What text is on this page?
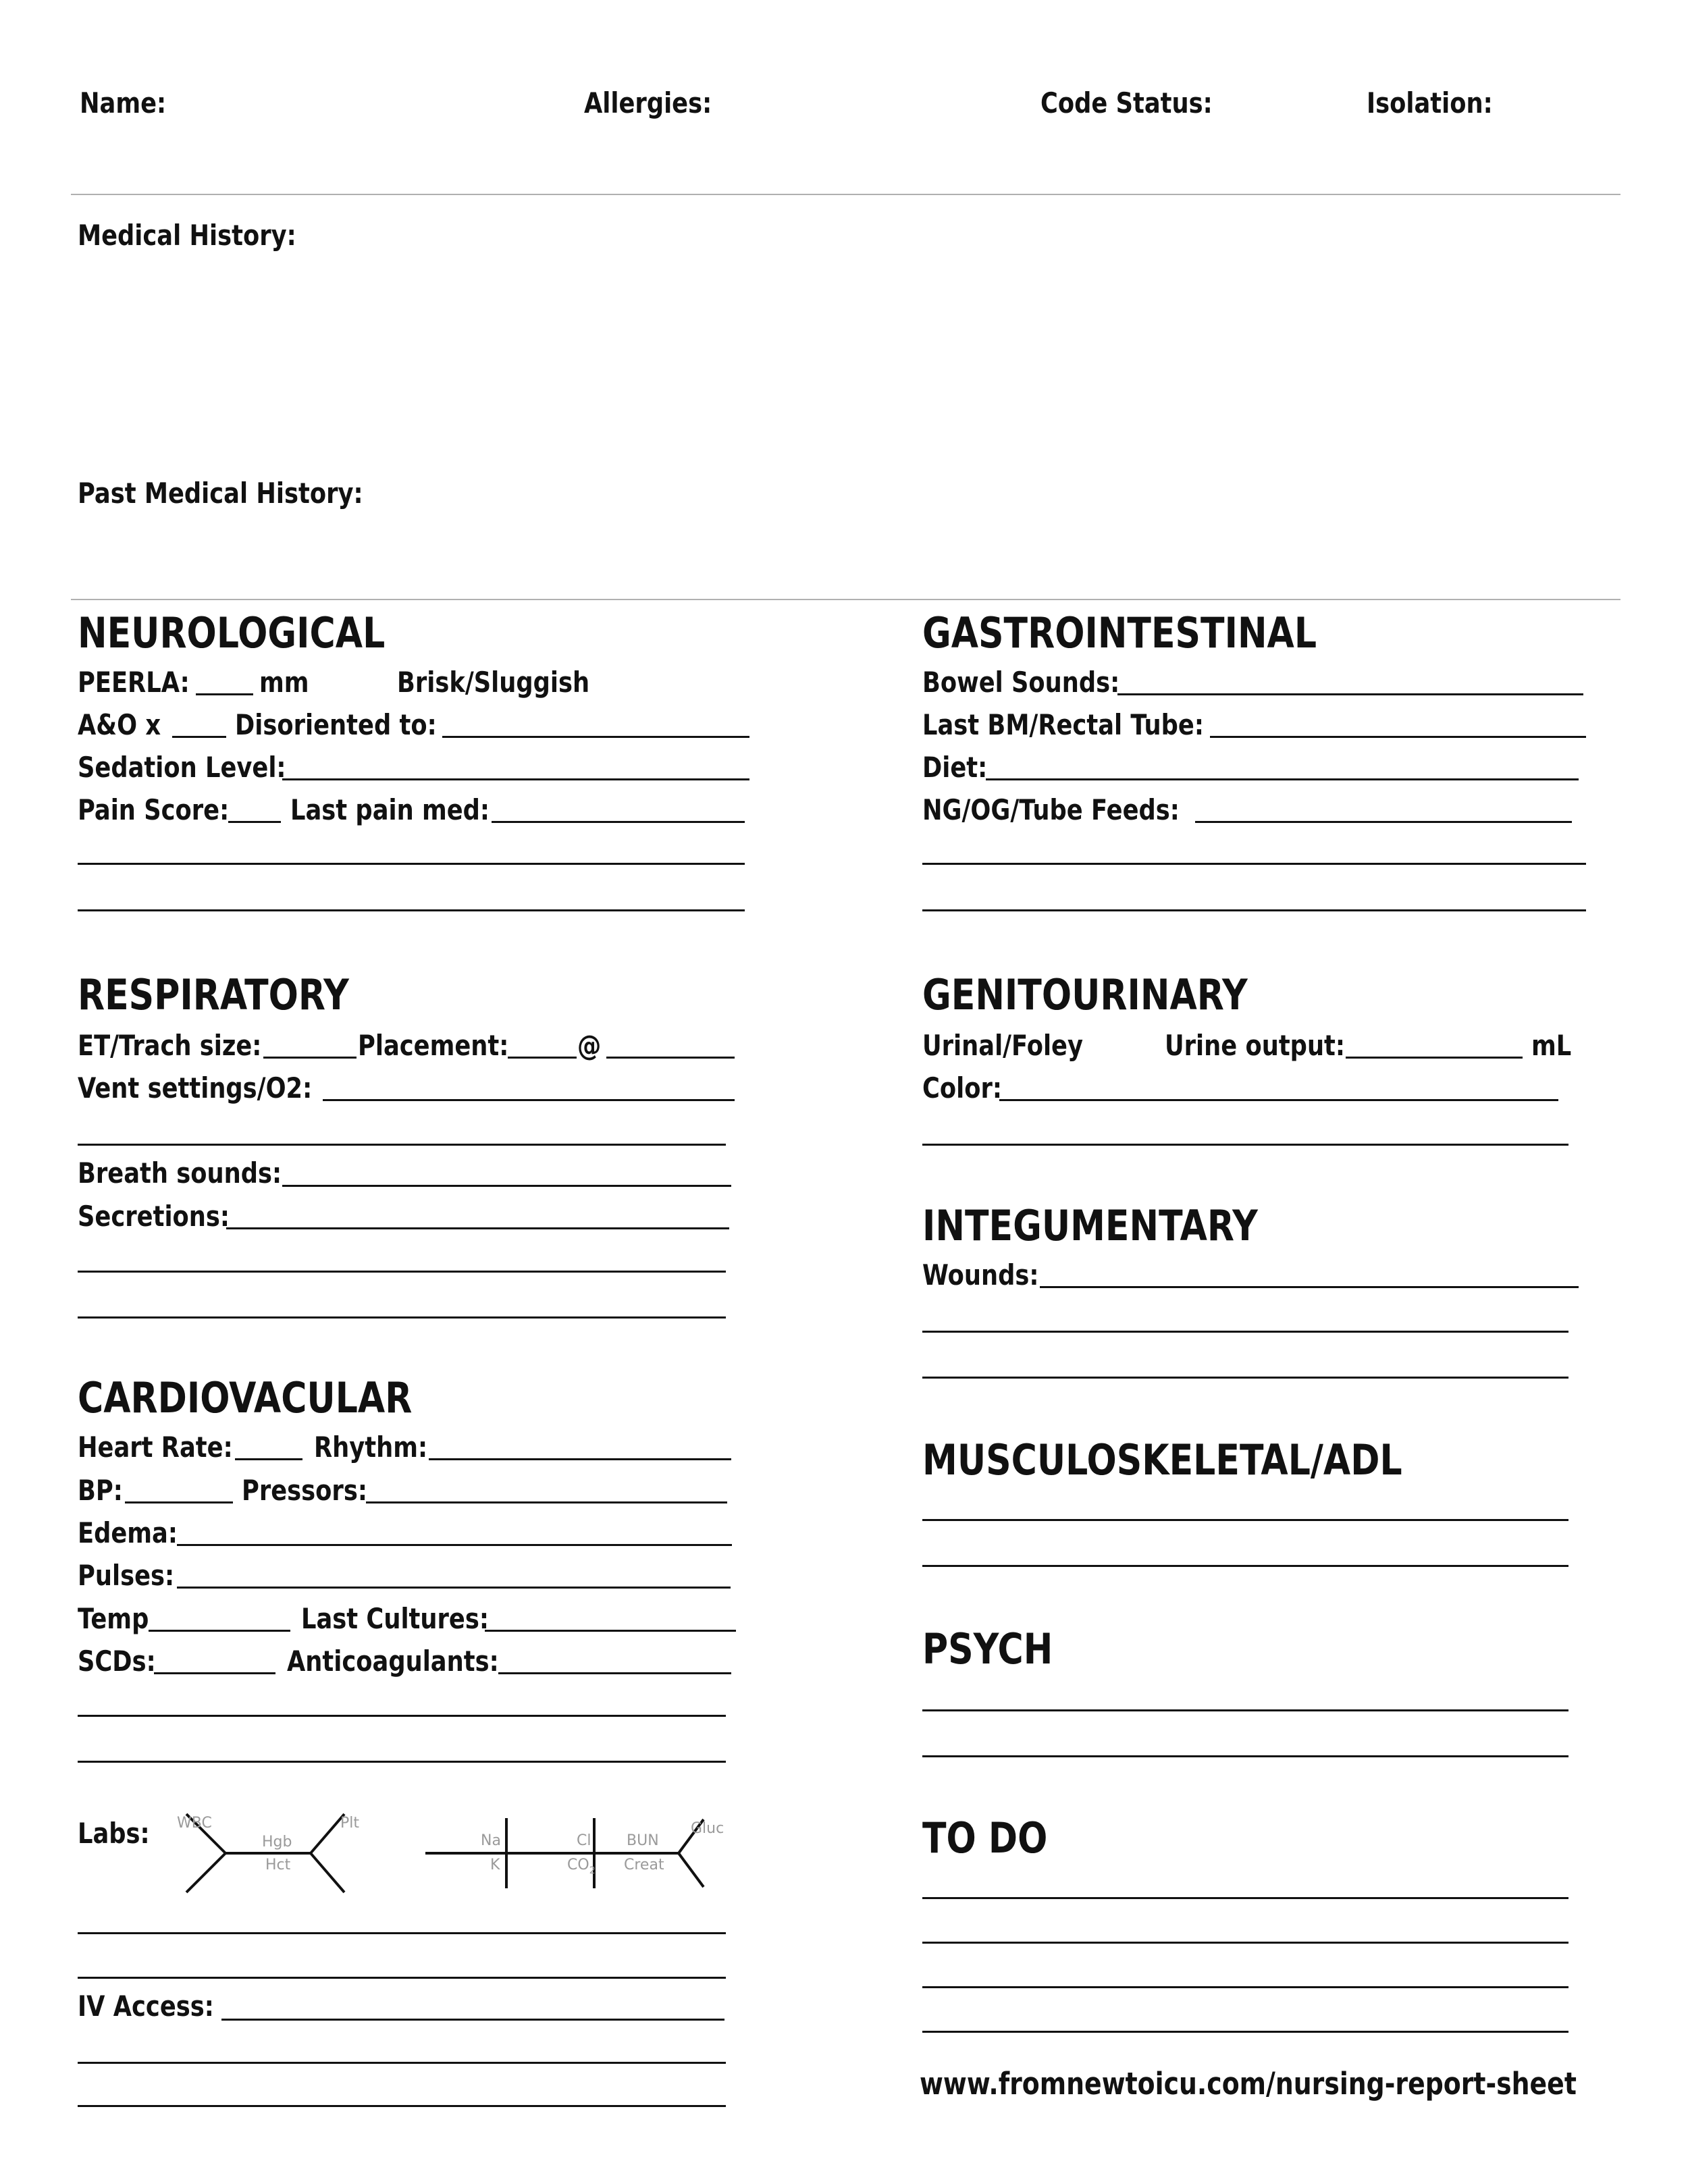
Name:	Allergies:	Code Status:	Isolation:
Medical History:
Past Medical History:
NEUROLOGICAL
PEERLA: mm	Brisk/Sluggish
A&O x	Disoriented to:
Sedation Level:
Pain Score: Last pain med:
RESPIRATORY
ET/Trach size:	Placement: @
Vent settings/O2:
Breath sounds:
Secretions:
CARDIOVACULAR
Heart Rate:	Rhythm:
BP:	Pressors:
Edema:
Pulses:
Temp	Last Cultures:
SCDs:	Anticoagulants:
Labs: WBC
Hgb
Hct
Plt
Na
K
Cl
$CO_2$
BUN
Creat
Gluc
IV Access:
GASTROINTESTINAL
Bowel Sounds:
Last BM/Rectal Tube:
Diet:
NG/OG/Tube Feeds:
GENITOURINARY
Urinal/Foley	Urine output:	mL
Color:
INTEGUMENTARY
Wounds:
MUSCULOSKELETAL/ADL
PSYCH
TO DO
www.fromnewtoicu.com/nursing-report-sheet
